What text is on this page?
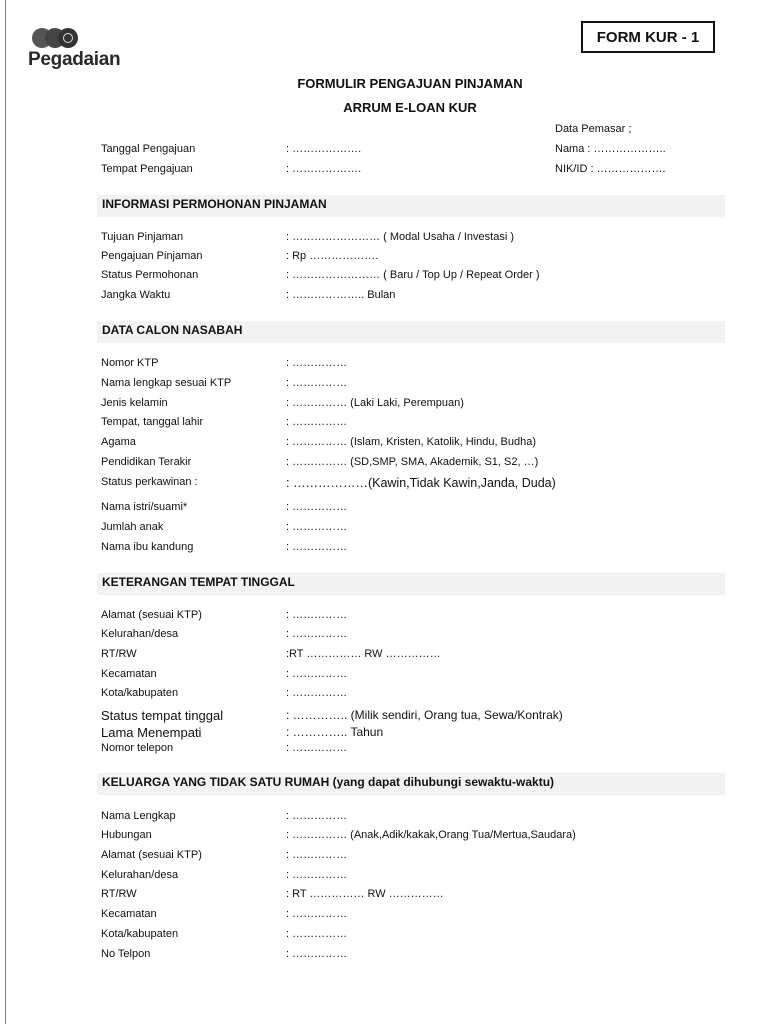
Pegadaian
FORM KUR - 1
FORMULIR PENGAJUAN PINJAMAN
ARRUM E-LOAN KUR
Data Pemasar ;
Nama : ………………..
NIK/ID : ……………….
Tanggal Pengajuan	: ……………….
Tempat Pengajuan	: ……………….
INFORMASI PERMOHONAN PINJAMAN
Tujuan Pinjaman	: …………………… ( Modal Usaha / Investasi )
Pengajuan Pinjaman	: Rp ……………….
Status Permohonan	: …………………… ( Baru / Top Up / Repeat Order )
Jangka Waktu	: ……………….. Bulan
DATA CALON NASABAH
Nomor KTP	: ……………
Nama lengkap sesuai KTP	: ……………
Jenis kelamin	: …………… (Laki Laki, Perempuan)
Tempat, tanggal lahir	: ……………
Agama	: …………… (Islam, Kristen, Katolik, Hindu, Budha)
Pendidikan Terakir	: …………… (SD,SMP, SMA, Akademik, S1, S2, …)
Status perkawinan :	: ………………(Kawin,Tidak Kawin,Janda, Duda)
Nama istri/suami*	: ……………
Jumlah anak	: ……………
Nama ibu kandung	: ……………
KETERANGAN TEMPAT TINGGAL
Alamat (sesuai KTP)	: ……………
Kelurahan/desa	: ……………
RT/RW	:RT …………… RW ……………
Kecamatan	: ……………
Kota/kabupaten	: ……………
Status tempat tinggal	: ………….. (Milik sendiri, Orang tua, Sewa/Kontrak)
Lama Menempati	: ………….. Tahun
Nomor telepon	: ……………
KELUARGA YANG TIDAK SATU RUMAH (yang dapat dihubungi sewaktu-waktu)
Nama Lengkap	: ……………
Hubungan	: …………… (Anak,Adik/kakak,Orang Tua/Mertua,Saudara)
Alamat (sesuai KTP)	: ……………
Kelurahan/desa	: ……………
RT/RW	: RT …………… RW ……………
Kecamatan	: ……………
Kota/kabupaten	: ……………
No Telpon	: ……………
